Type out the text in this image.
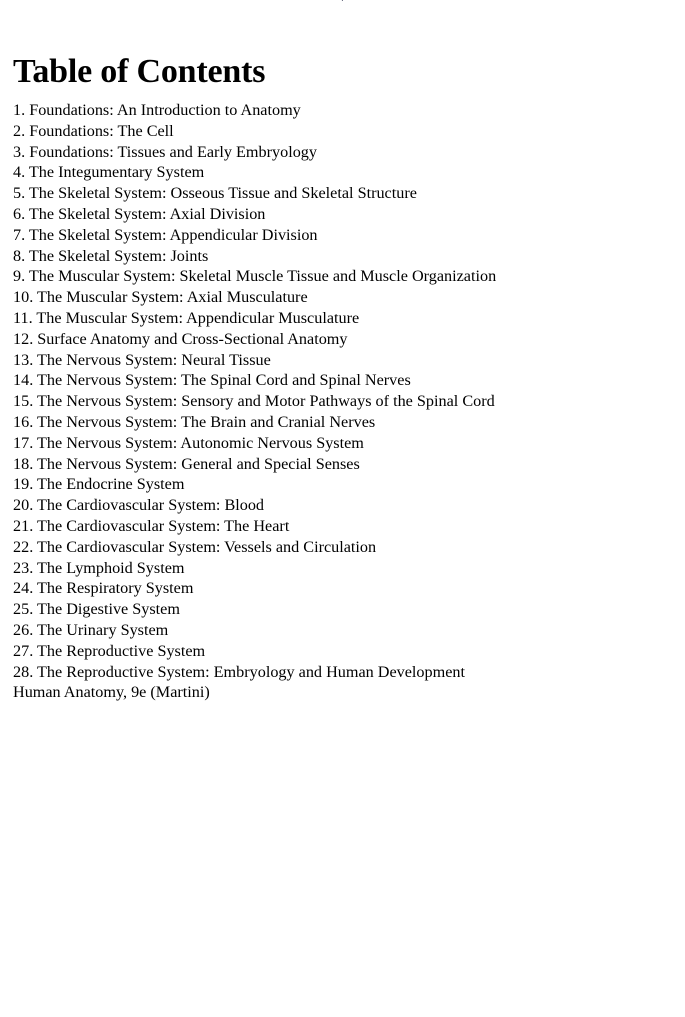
Table of Contents
1. Foundations: An Introduction to Anatomy
2. Foundations: The Cell
3. Foundations: Tissues and Early Embryology
4. The Integumentary System
5. The Skeletal System: Osseous Tissue and Skeletal Structure
6. The Skeletal System: Axial Division
7. The Skeletal System: Appendicular Division
8. The Skeletal System: Joints
9. The Muscular System: Skeletal Muscle Tissue and Muscle Organization
10. The Muscular System: Axial Musculature
11. The Muscular System: Appendicular Musculature
12. Surface Anatomy and Cross-Sectional Anatomy
13. The Nervous System: Neural Tissue
14. The Nervous System: The Spinal Cord and Spinal Nerves
15. The Nervous System: Sensory and Motor Pathways of the Spinal Cord
16. The Nervous System: The Brain and Cranial Nerves
17. The Nervous System: Autonomic Nervous System
18. The Nervous System: General and Special Senses
19. The Endocrine System
20. The Cardiovascular System: Blood
21. The Cardiovascular System: The Heart
22. The Cardiovascular System: Vessels and Circulation
23. The Lymphoid System
24. The Respiratory System
25. The Digestive System
26. The Urinary System
27. The Reproductive System
28. The Reproductive System: Embryology and Human Development
Human Anatomy, 9e (Martini)
